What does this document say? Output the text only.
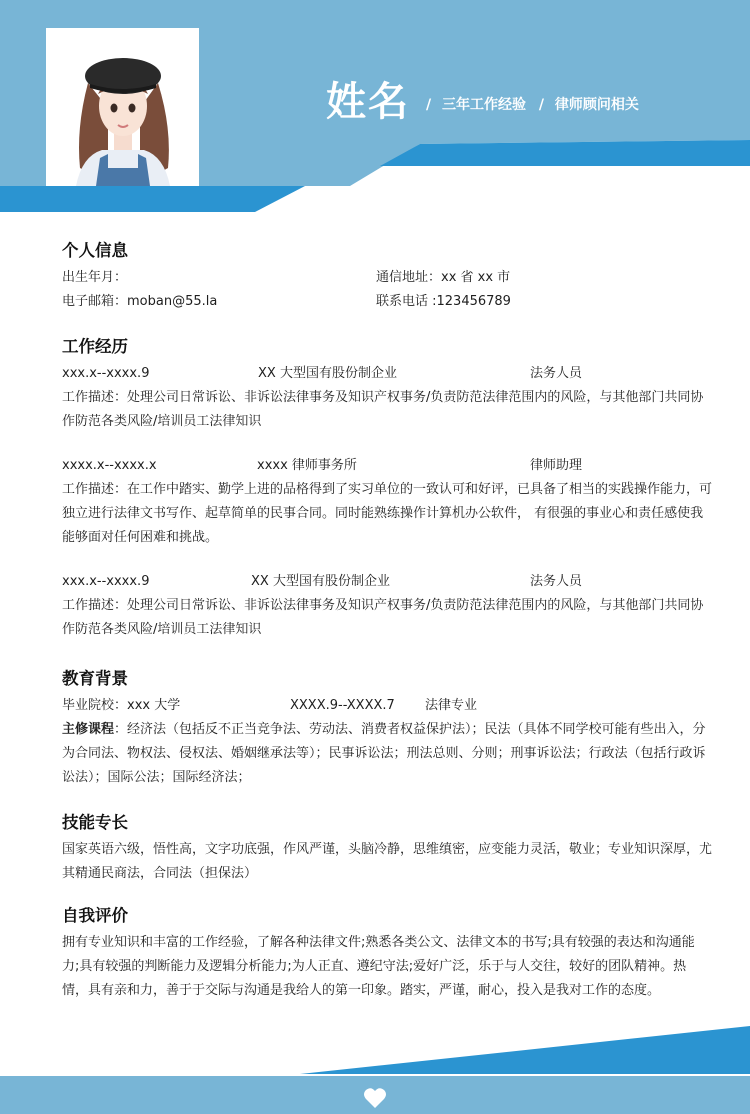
姓名 / 三年工作经验 / 律师顾问相关
个人信息
出生年月：	通信地址：xx 省 xx 市
电子邮箱：moban@55.la	联系电话 :123456789
工作经历
xxx.x--xxxx.9	XX 大型国有股份制企业	法务人员

工作描述：处理公司日常诉讼、非诉讼法律事务及知识产权事务/负责防范法律范围内的风险，与其他部门共同协作防范各类风险/培训员工法律知识

xxxx.x--xxxx.x	xxxx 律师事务所	律师助理

工作描述：在工作中踏实、勤学上进的品格得到了实习单位的一致认可和好评，已具备了相当的实践操作能力，可独立进行法律文书写作、起草简单的民事合同。同时能熟练操作计算机办公软件， 有很强的事业心和责任感使我能够面对任何困难和挑战。

xxx.x--xxxx.9	XX 大型国有股份制企业	法务人员

工作描述：处理公司日常诉讼、非诉讼法律事务及知识产权事务/负责防范法律范围内的风险，与其他部门共同协作防范各类风险/培训员工法律知识

教育背景
毕业院校：xxx 大学	XXXX.9--XXXX.7 法律专业

主修课程：经济法（包括反不正当竞争法、劳动法、消费者权益保护法）；民法（具体不同学校可能有些出入，分为合同法、物权法、侵权法、婚姻继承法等）；民事诉讼法；刑法总则、分则；刑事诉讼法；行政法（包括行政诉讼法）；国际公法；国际经济法；

技能专长

国家英语六级，悟性高，文字功底强，作风严谨，头脑冷静，思维缜密，应变能力灵活，敬业；专业知识深厚，尤其精通民商法，合同法（担保法）

自我评价

拥有专业知识和丰富的工作经验，了解各种法律文件;熟悉各类公文、法律文本的书写;具有较强的表达和沟通能力;具有较强的判断能力及逻辑分析能力;为人正直、遵纪守法;爱好广泛，乐于与人交往，较好的团队精神。热情，具有亲和力，善于于交际与沟通是我给人的第一印象。踏实，严谨，耐心，投入是我对工作的态度。
